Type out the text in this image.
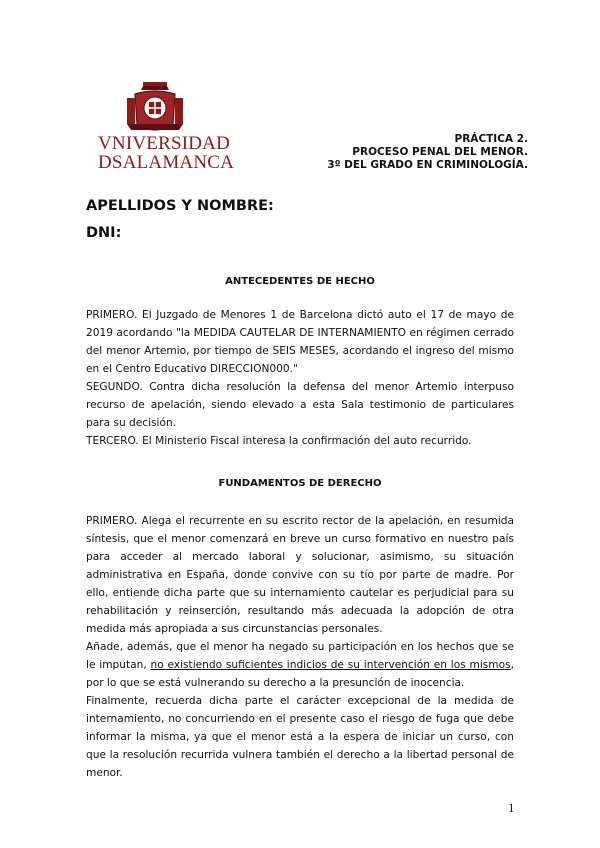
VNIVERSIDAD
DSALAMANCA
PRÁCTICA 2.
PROCESO PENAL DEL MENOR.
3º DEL GRADO EN CRIMINOLOGÍA.
APELLIDOS Y NOMBRE:
DNI:
ANTECEDENTES DE HECHO

PRIMERO. El Juzgado de Menores 1 de Barcelona dictó auto el 17 de mayo de 2019 acordando "la MEDIDA CAUTELAR DE INTERNAMIENTO en régimen cerrado del menor Artemio, por tiempo de SEIS MESES, acordando el ingreso del mismo en el Centro Educativo DIRECCION000."

SEGUNDO. Contra dicha resolución la defensa del menor Artemio interpuso recurso de apelación, siendo elevado a esta Sala testimonio de particulares para su decisión.

TERCERO. El Ministerio Fiscal interesa la confirmación del auto recurrido.

FUNDAMENTOS DE DERECHO

PRIMERO. Alega el recurrente en su escrito rector de la apelación, en resumida síntesis, que el menor comenzará en breve un curso formativo en nuestro país para acceder al mercado laboral y solucionar, asimismo, su situación administrativa en España, donde convive con su tío por parte de madre. Por ello, entiende dicha parte que su internamiento cautelar es perjudicial para su rehabilitación y reinserción, resultando más adecuada la adopción de otra medida más apropiada a sus circunstancias personales.

Añade, además, que el menor ha negado su participación en los hechos que se le imputan, no existiendo suficientes indicios de su intervención en los mismos, por lo que se está vulnerando su derecho a la presunción de inocencia.

Finalmente, recuerda dicha parte el carácter excepcional de la medida de internamiento, no concurriendo en el presente caso el riesgo de fuga que debe informar la misma, ya que el menor está a la espera de iniciar un curso, con que la resolución recurrida vulnera también el derecho a la libertad personal de menor.

1
